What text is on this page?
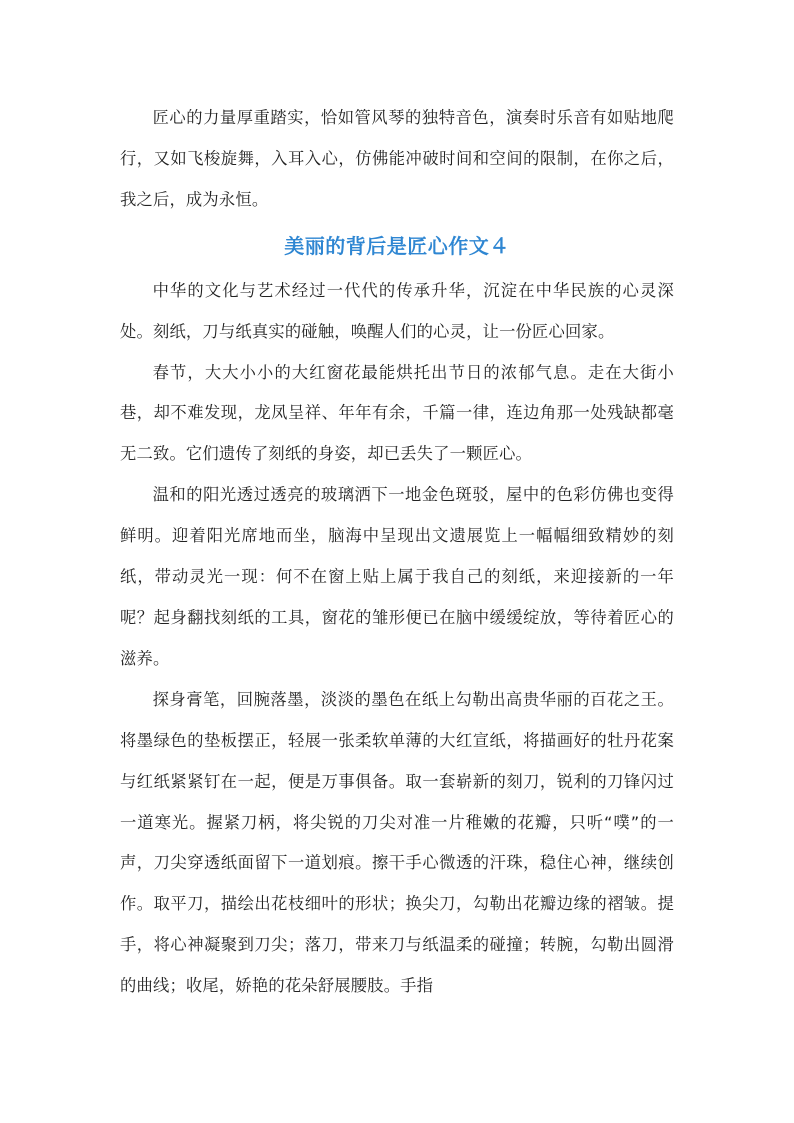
匠心的力量厚重踏实，恰如管风琴的独特音色，演奏时乐音有如贴地爬行，又如飞梭旋舞，入耳入心，仿佛能冲破时间和空间的限制，在你之后，我之后，成为永恒。

美丽的背后是匠心作文４

中华的文化与艺术经过一代代的传承升华，沉淀在中华民族的心灵深处。刻纸，刀与纸真实的碰触，唤醒人们的心灵，让一份匠心回家。

春节，大大小小的大红窗花最能烘托出节日的浓郁气息。走在大街小巷，却不难发现，龙凤呈祥、年年有余，千篇一律，连边角那一处残缺都毫无二致。它们遗传了刻纸的身姿，却已丢失了一颗匠心。

温和的阳光透过透亮的玻璃洒下一地金色斑驳，屋中的色彩仿佛也变得鲜明。迎着阳光席地而坐，脑海中呈现出文遗展览上一幅幅细致精妙的刻纸，带动灵光一现：何不在窗上贴上属于我自己的刻纸，来迎接新的一年呢？起身翻找刻纸的工具，窗花的雏形便已在脑中缓缓绽放，等待着匠心的滋养。

探身膏笔，回腕落墨，淡淡的墨色在纸上勾勒出高贵华丽的百花之王。将墨绿色的垫板摆正，轻展一张柔软单薄的大红宣纸，将描画好的牡丹花案与红纸紧紧钉在一起，便是万事俱备。取一套崭新的刻刀，锐利的刀锋闪过一道寒光。握紧刀柄，将尖锐的刀尖对准一片稚嫩的花瓣，只听“噗”的一声，刀尖穿透纸面留下一道划痕。擦干手心微透的汗珠，稳住心神，继续创作。取平刀，描绘出花枝细叶的形状；换尖刀，勾勒出花瓣边缘的褶皱。提手，将心神凝聚到刀尖；落刀，带来刀与纸温柔的碰撞；转腕，勾勒出圆滑的曲线；收尾，娇艳的花朵舒展腰肢。手指
